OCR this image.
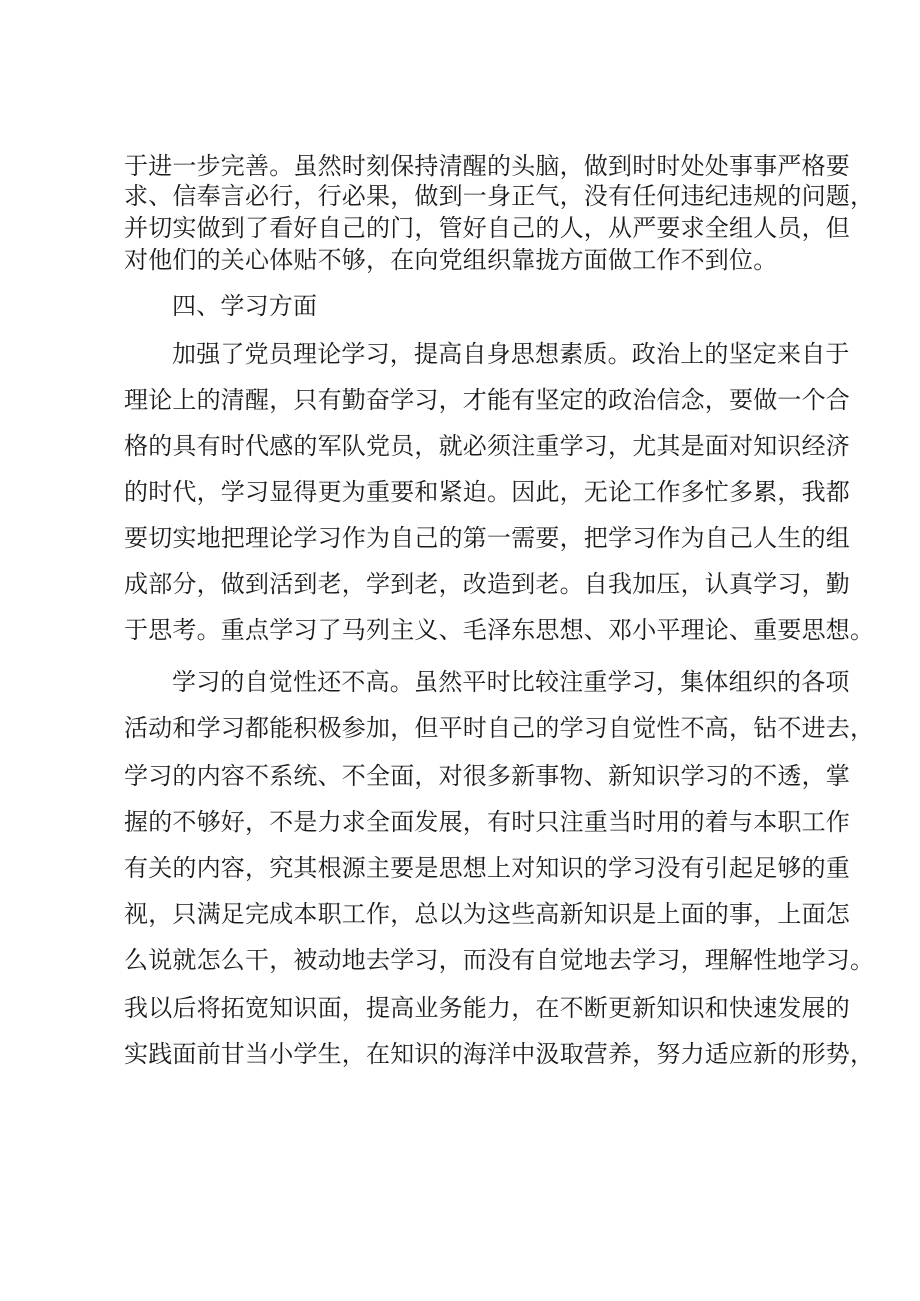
于进一步完善。虽然时刻保持清醒的头脑，做到时时处处事事严格要
求、信奉言必行，行必果，做到一身正气，没有任何违纪违规的问题，
并切实做到了看好自己的门，管好自己的人，从严要求全组人员，但
对他们的关心体贴不够，在向党组织靠拢方面做工作不到位。
四、学习方面
加强了党员理论学习，提高自身思想素质。政治上的坚定来自于
理论上的清醒，只有勤奋学习，才能有坚定的政治信念，要做一个合
格的具有时代感的军队党员，就必须注重学习，尤其是面对知识经济
的时代，学习显得更为重要和紧迫。因此，无论工作多忙多累，我都
要切实地把理论学习作为自己的第一需要，把学习作为自己人生的组
成部分，做到活到老，学到老，改造到老。自我加压，认真学习，勤
于思考。重点学习了马列主义、毛泽东思想、邓小平理论、重要思想。
学习的自觉性还不高。虽然平时比较注重学习，集体组织的各项
活动和学习都能积极参加，但平时自己的学习自觉性不高，钻不进去，
学习的内容不系统、不全面，对很多新事物、新知识学习的不透，掌
握的不够好，不是力求全面发展，有时只注重当时用的着与本职工作
有关的内容，究其根源主要是思想上对知识的学习没有引起足够的重
视，只满足完成本职工作，总以为这些高新知识是上面的事，上面怎
么说就怎么干，被动地去学习，而没有自觉地去学习，理解性地学习。
我以后将拓宽知识面，提高业务能力，在不断更新知识和快速发展的
实践面前甘当小学生，在知识的海洋中汲取营养，努力适应新的形势，
